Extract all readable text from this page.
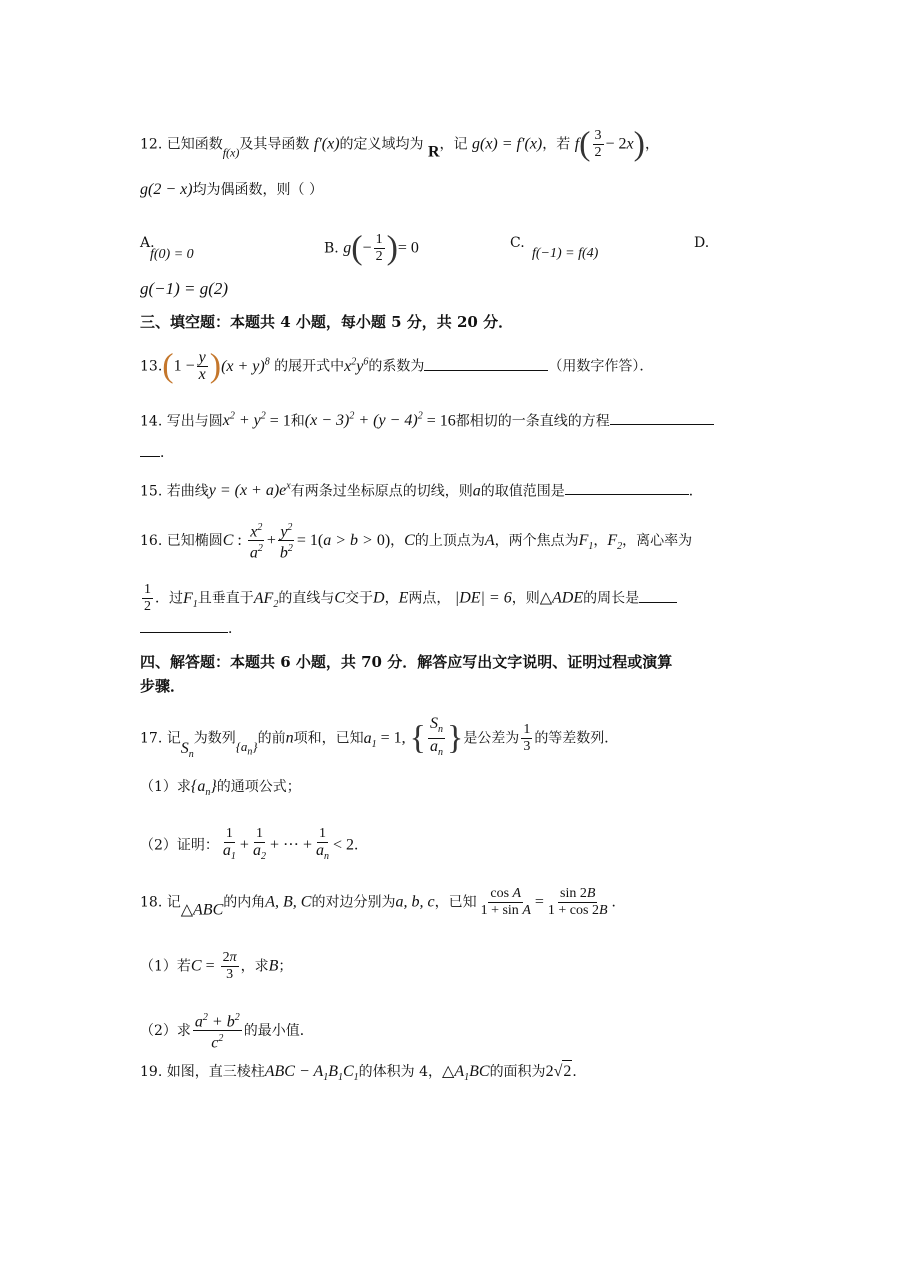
12. 已知函数f(x)及其导函数 f′(x)的定义域均为 R，记 g(x) = f′(x)，若 $f( \frac{3}{2} - 2x)$，
g(2 − x)均为偶函数，则（ ）
A.
f(0) = 0	B. $g(- \frac{1}{2}$ )= 0	C.
f(−1) = f(4)
D.
g(−1) = g(2)
三、填空题：本题共 4 小题，每小题 5 分，共 20 分．
$13.(1 - \frac{y}{x} )(x + y)^8$ 的展开式中$x^2y^6$的系数为	（用数字作答）．
14. 写出与圆$x^2 + y^2 = 1$和$(x - 3)^2 + (y - 4)^2 = 16$都相切的一条直线的方程
．
15. 若曲线$y = (x + a)e^x$有两条过坐标原点的切线，则a的取值范围是	．
16. 已知椭圆C : $\frac{x^2}{a^2} + \frac{y^2}{b^2} = 1(a > b > 0)$，C的上顶点为A，两个焦点为$F_1$，$F_2$，离心率为
$\frac{1}{2}$ ．过$F_1$且垂直于$AF_2$的直线与C交于D，E两点， |DE| = 6，则△ADE的周长是
．
四、解答题：本题共 6 小题，共 70 分．解答应写出文字说明、证明过程或演算
步骤．
17. 记$S_n$为数列$\{a_n\}$的前n项和，已知$a_1 = 1$, { $\frac{S_n}{a_n}$ }是公差为 $\frac{1}{3}$ 的等差数列．
（1）求$\{a_n\}$的通项公式；
（2）证明： $\frac{1}{a_1} + \frac{1}{a_2}$ + ··· + $\frac{1}{a_n} < 2$．
18. 记△ABC的内角A, B, C的对边分别为a, b, c，已知 $\frac{\text{cos A}}{\text{1 + sin A}} = \frac{\sin 2B}{1 + \cos 2B}$ ．
（1）若$C = \frac{2\pi}{3}$ ，求B；
（2）求 $\frac{a^2 + b^2}{c^2}$ 的最小值．
19. 如图，直三棱柱ABC − $A_1B_1C_1$的体积为 4，$\triangle A_1BC$的面积为2√2．
